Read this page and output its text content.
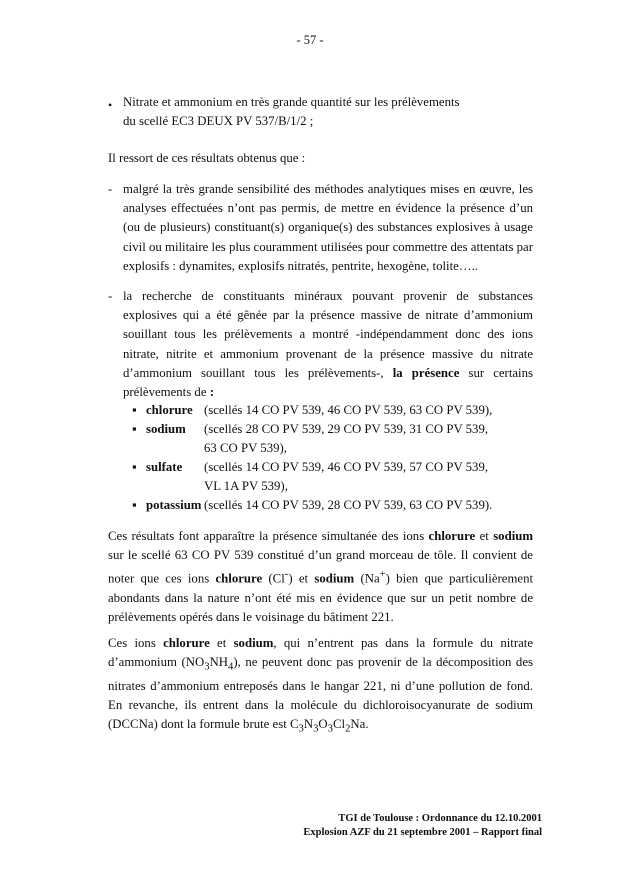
- 57 -
• Nitrate et ammonium en très grande quantité sur les prélèvements
du scellé EC3 DEUX PV 537/B/1/2 ;
Il ressort de ces résultats obtenus que :
- malgré la très grande sensibilité des méthodes analytiques mises en œuvre, les analyses effectuées n’ont pas permis, de mettre en évidence la présence d’un (ou de plusieurs) constituant(s) organique(s) des substances explosives à usage civil ou militaire les plus couramment utilisées pour commettre des attentats par explosifs : dynamites, explosifs nitratés, pentrite, hexogène, tolite…..
- la recherche de constituants minéraux pouvant provenir de substances explosives qui a été gênée par la présence massive de nitrate d’ammonium souillant tous les prélèvements a montré -indépendamment donc des ions nitrate, nitrite et ammonium provenant de la présence massive du nitrate d’ammonium souillant tous les prélèvements-, la présence sur certains prélèvements de :
▪ chlorure (scellés 14 CO PV 539, 46 CO PV 539, 63 CO PV 539),
▪ sodium (scellés 28 CO PV 539, 29 CO PV 539, 31 CO PV 539,
63 CO PV 539),
▪ sulfate (scellés 14 CO PV 539, 46 CO PV 539, 57 CO PV 539,
VL 1A PV 539),
▪ potassium (scellés 14 CO PV 539, 28 CO PV 539, 63 CO PV 539).
Ces résultats font apparaître la présence simultanée des ions chlorure et sodium sur le scellé 63 CO PV 539 constitué d’un grand morceau de tôle. Il convient de noter que ces ions chlorure (Cl-) et sodium (Na+) bien que particulièrement abondants dans la nature n’ont été mis en évidence que sur un petit nombre de prélèvements opérés dans le voisinage du bâtiment 221.
Ces ions chlorure et sodium, qui n’entrent pas dans la formule du nitrate d’ammonium $(NO_3NH_4)$, ne peuvent donc pas provenir de la décomposition des nitrates d’ammonium entreposés dans le hangar 221, ni d’une pollution de fond. En revanche, ils entrent dans la molécule du dichloroisocyanurate de sodium (DCCNa) dont la formule brute est $C_3N_3O_3Cl_2Na$.
TGI de Toulouse : Ordonnance du 12.10.2001
Explosion AZF du 21 septembre 2001 – Rapport final
